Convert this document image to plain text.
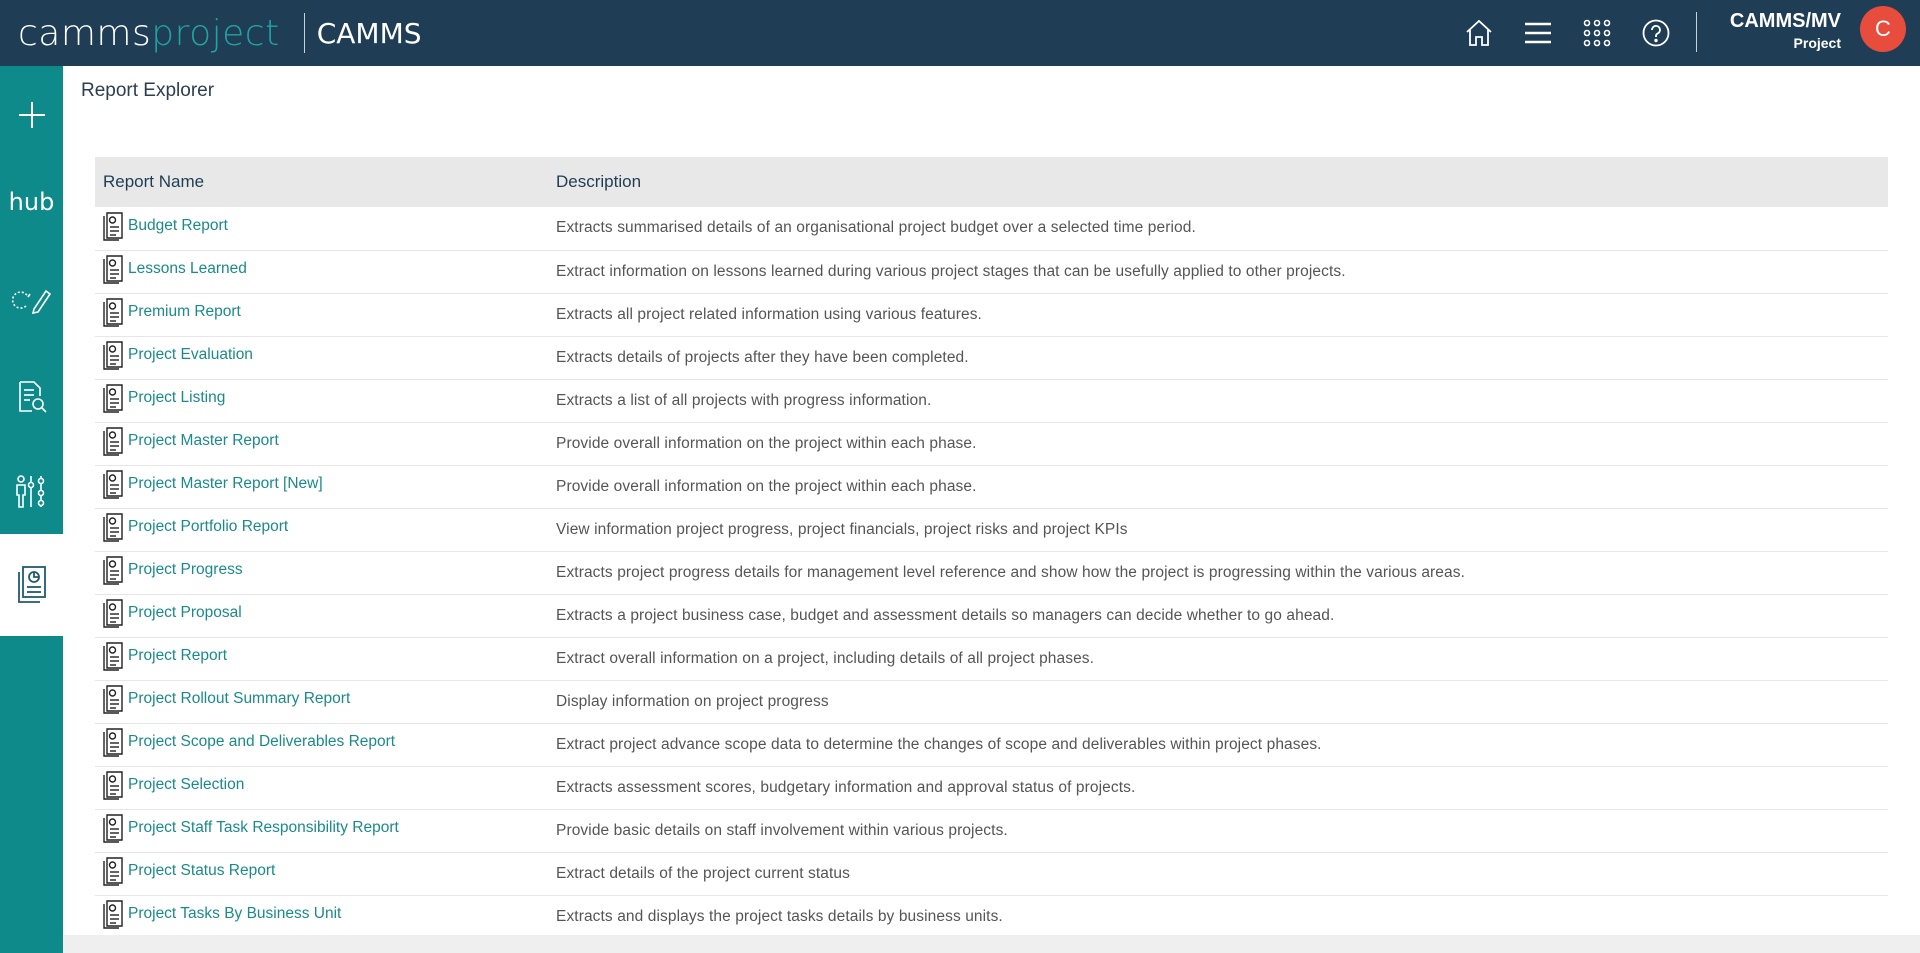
cammsproject CAMMS	CAMMS/MV
Project
C
hub
Report Explorer
Report Name	Description

Budget Report	Extracts summarised details of an organisational project budget over a selected time period.

Lessons Learned	Extract information on lessons learned during various project stages that can be usefully applied to other projects.

Premium Report	Extracts all project related information using various features.

Project Evaluation	Extracts details of projects after they have been completed.

Project Listing	Extracts a list of all projects with progress information.

Project Master Report	Provide overall information on the project within each phase.

Project Master Report [New]	Provide overall information on the project within each phase.

Project Portfolio Report	View information project progress, project financials, project risks and project KPIs

Project Progress	Extracts project progress details for management level reference and show how the project is progressing within the various areas.

Project Proposal	Extracts a project business case, budget and assessment details so managers can decide whether to go ahead.

Project Report	Extract overall information on a project, including details of all project phases.

Project Rollout Summary Report	Display information on project progress

Project Scope and Deliverables Report	Extract project advance scope data to determine the changes of scope and deliverables within project phases.

Project Selection	Extracts assessment scores, budgetary information and approval status of projects.

Project Staff Task Responsibility Report	Provide basic details on staff involvement within various projects.

Project Status Report	Extract details of the project current status

Project Tasks By Business Unit	Extracts and displays the project tasks details by business units.
